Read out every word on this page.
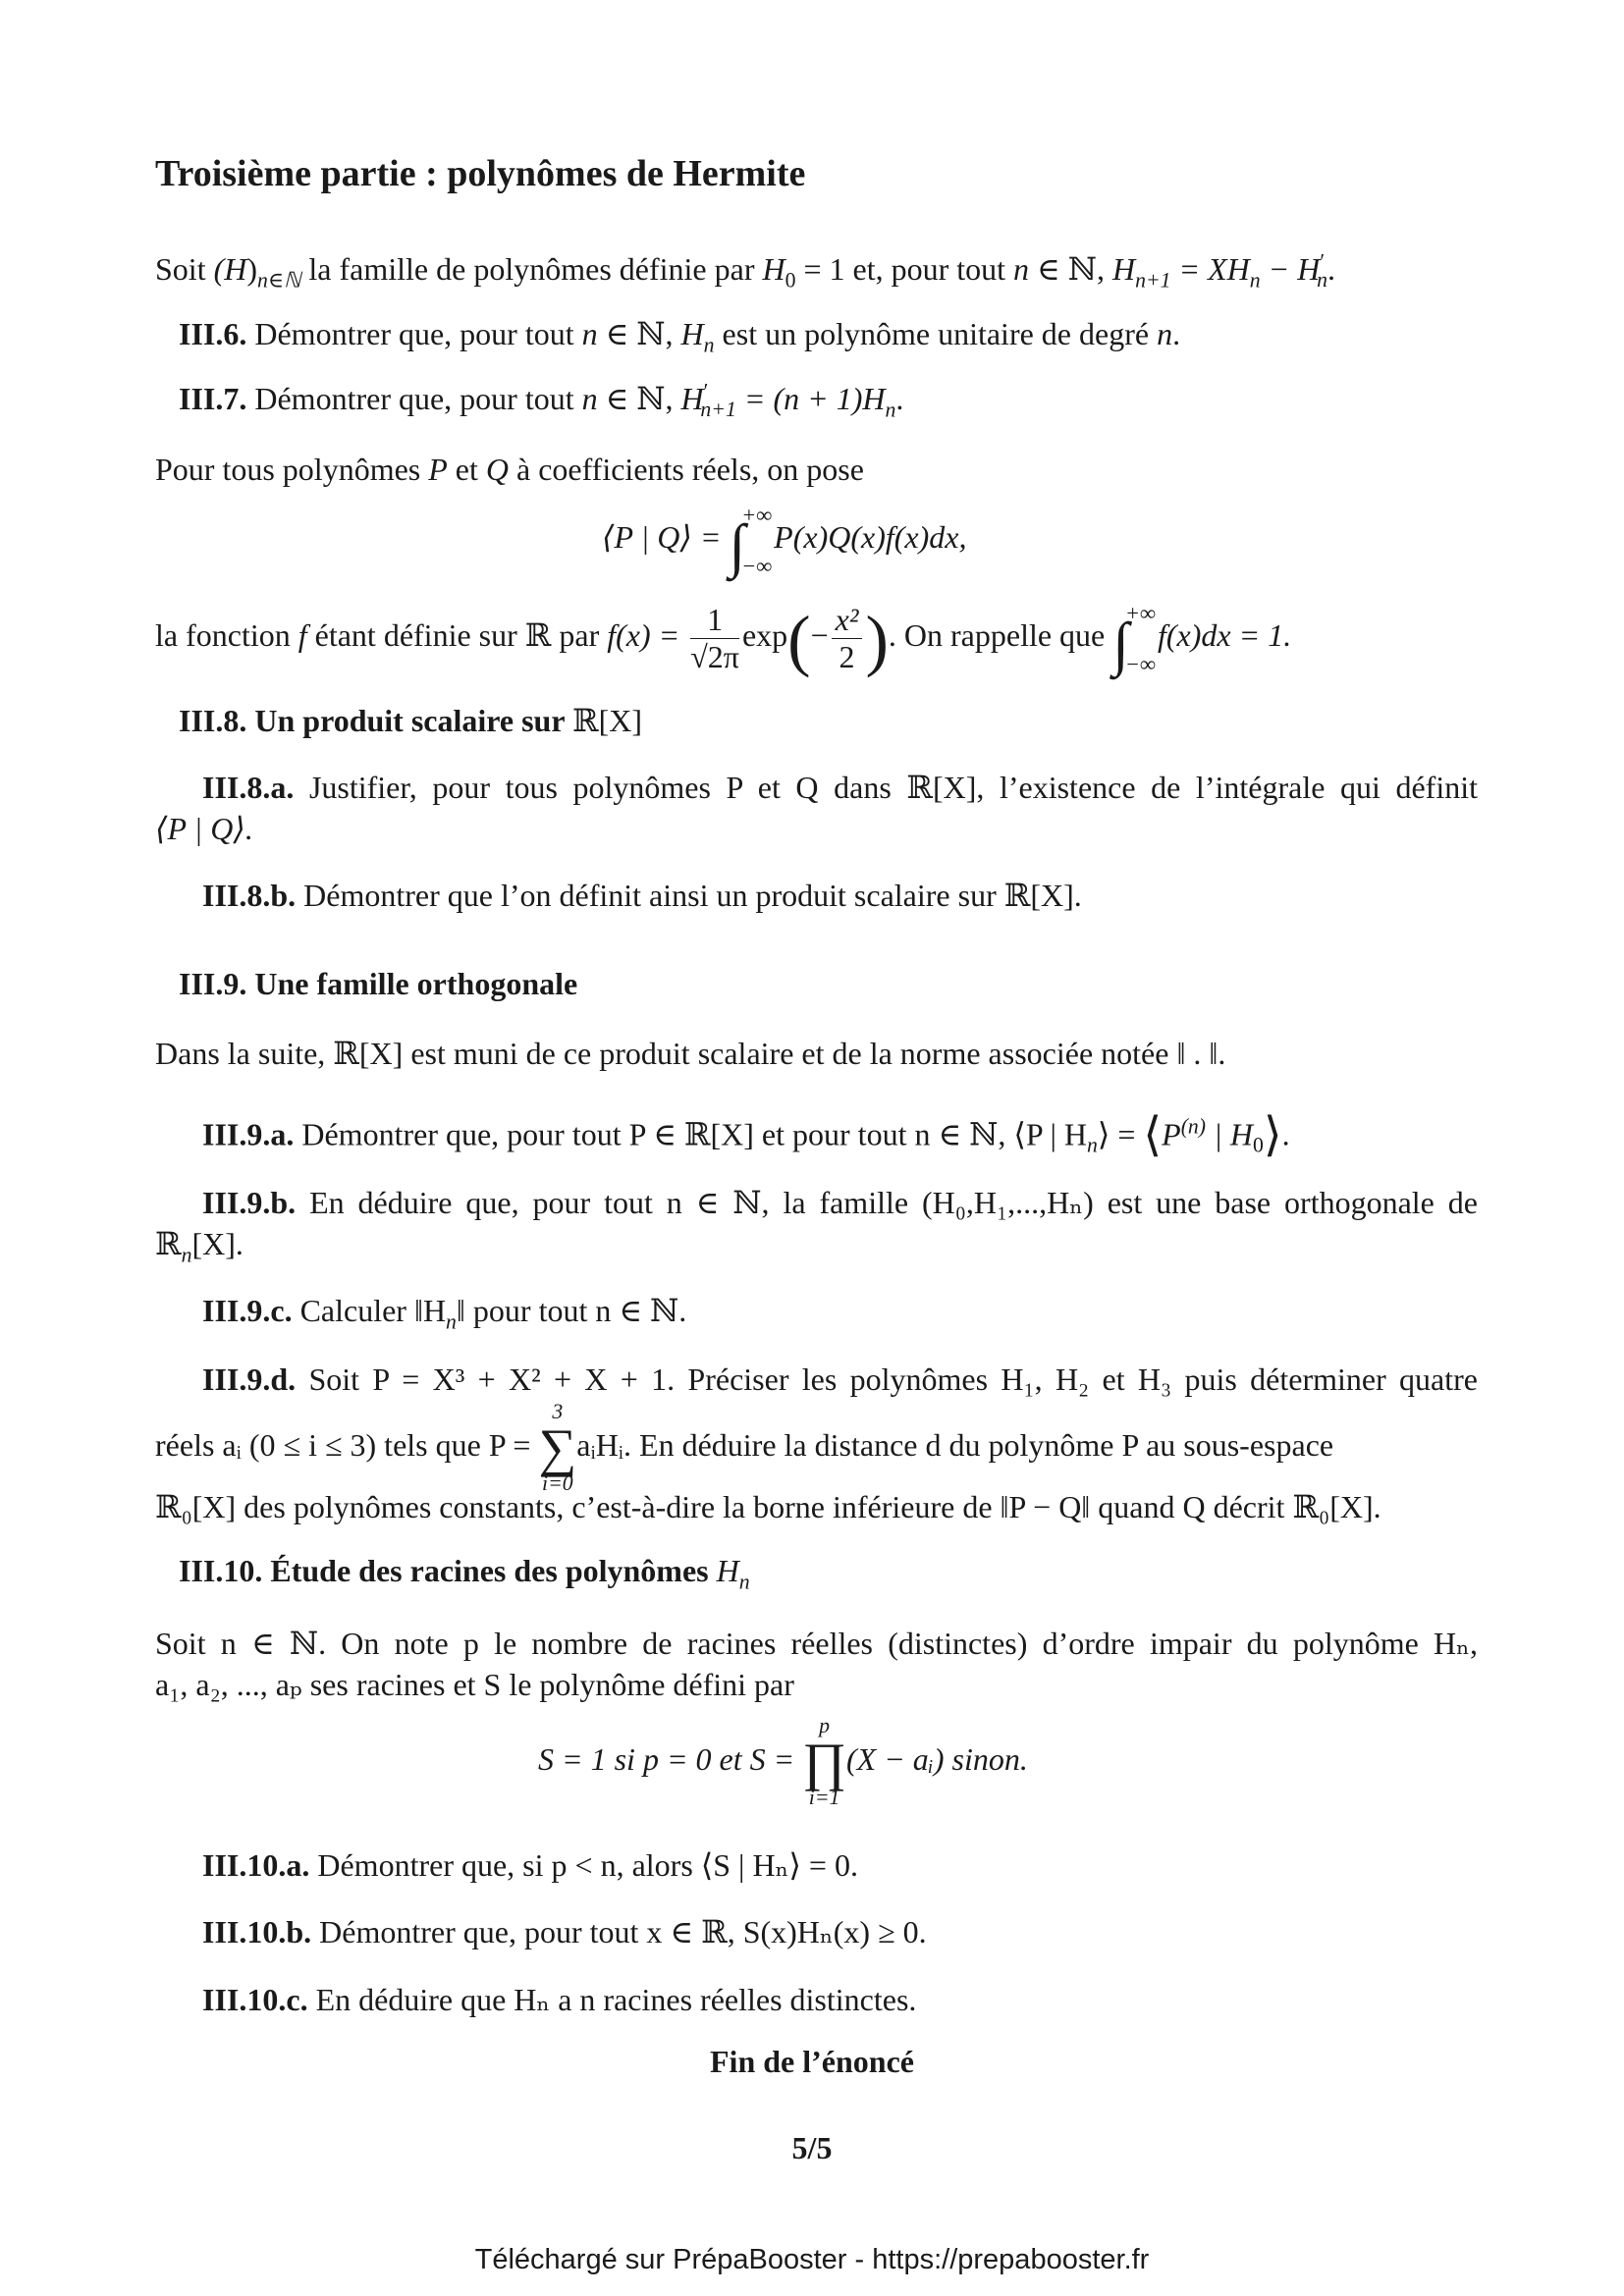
Troisième partie : polynômes de Hermite
Soit $(H)_{n\in ℕ}$ la famille de polynômes définie par $H_0 = 1$ et, pour tout n ∈ ℕ, $H_{n+1} = XH_n - H'_n$.
III.6. Démontrer que, pour tout n ∈ ℕ, $H_n$ est un polynôme unitaire de degré n.
III.7. Démontrer que, pour tout n ∈ ℕ, $H'_{n+1} = (n + 1)H_n$.
Pour tous polynômes P et Q à coefficients réels, on pose
⟨P | Q⟩ = ∫
+∞
−∞
P(x)Q(x)f(x)dx,
la fonction f étant définie sur ℝ par $f(x) = \frac{1}{√2\pi} \exp(- \frac{\text{x²}}{2}$ ). On rappelle que ∫
+∞
−∞
f(x)dx = 1.
III.8. Un produit scalaire sur ℝ[X]
III.8.a. Justifier, pour tous polynômes P et Q dans ℝ[X], l’existence de l’intégrale qui définit
⟨P | Q⟩.
III.8.b. Démontrer que l’on définit ainsi un produit scalaire sur ℝ[X].
III.9. Une famille orthogonale
Dans la suite, ℝ[X] est muni de ce produit scalaire et de la norme associée notée ‖ . ‖.
III.9.a. Démontrer que, pour tout P ∈ ℝ[X] et pour tout n ∈ ℕ, ⟨P | $H_n⟩$ = $⟨P^{(n)}$ | $H_0⟩$.
III.9.b. En déduire que, pour tout n ∈ ℕ, la famille (H₀,H₁,...,Hₙ) est une base orthogonale de
ℝ$_n$[X].
III.9.c. Calculer $‖H_n‖$ pour tout n ∈ ℕ.
III.9.d. Soit P = X³ + X² + X + 1. Préciser les polynômes H₁, H₂ et H₃ puis déterminer quatre
réels aᵢ (0 ≤ i ≤ 3) tels que P =
3
∑
i=0
aᵢHᵢ. En déduire la distance d du polynôme P au sous-espace
ℝ₀[X] des polynômes constants, c’est-à-dire la borne inférieure de ‖P − Q‖ quand Q décrit ℝ₀[X].
III.10. Étude des racines des polynômes $H_n$
Soit n ∈ ℕ. On note p le nombre de racines réelles (distinctes) d’ordre impair du polynôme Hₙ,
a₁, a₂, ..., aₚ ses racines et S le polynôme défini par
S = 1 si p = 0 et S =
p
∏
i=1
(X − aᵢ) sinon.
III.10.a. Démontrer que, si p < n, alors ⟨S | Hₙ⟩ = 0.
III.10.b. Démontrer que, pour tout x ∈ ℝ, S(x)Hₙ(x) ≥ 0.
III.10.c. En déduire que Hₙ a n racines réelles distinctes.
Fin de l’énoncé
5/5
Téléchargé sur PrépaBooster - https://prepabooster.fr
